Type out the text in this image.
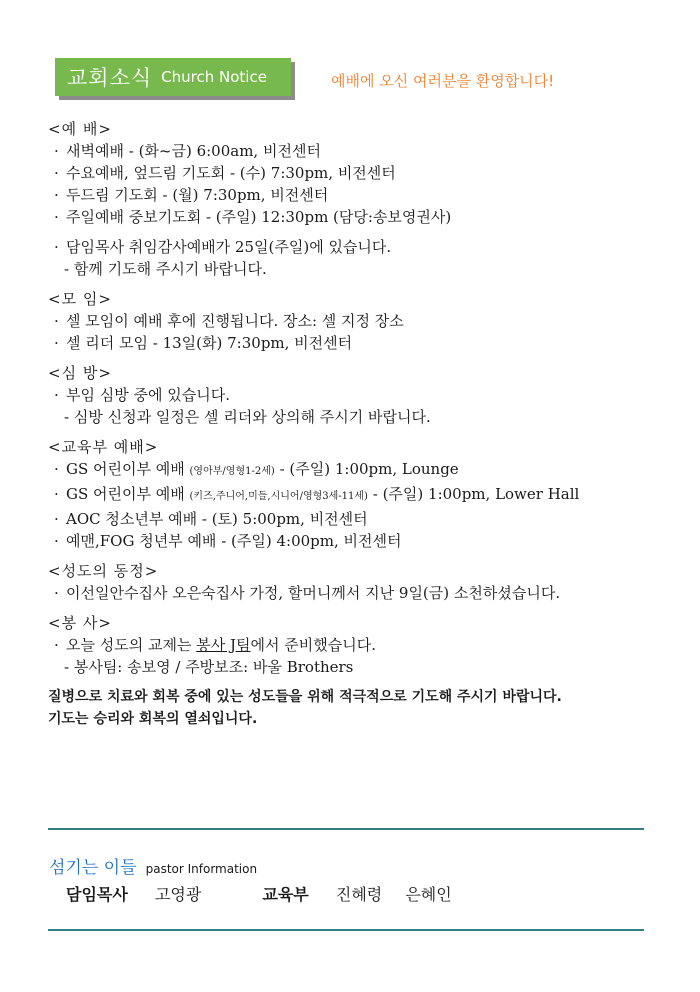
교회소식 Church Notice	예배에 오신 여러분을 환영합니다!
<예 배>
· 새벽예배 - (화~금) 6:00am, 비전센터
· 수요예배, 엎드림 기도회 - (수) 7:30pm, 비전센터
· 두드림 기도회 - (월) 7:30pm, 비전센터
· 주일예배 중보기도회 - (주일) 12:30pm (담당:송보영권사)
· 담임목사 취임감사예배가 25일(주일)에 있습니다.
- 함께 기도해 주시기 바랍니다.
<모 임>
· 셀 모임이 예배 후에 진행됩니다. 장소: 셀 지정 장소
· 셀 리더 모임 - 13일(화) 7:30pm, 비전센터
<심 방>
· 부임 심방 중에 있습니다.
- 심방 신청과 일정은 셀 리더와 상의해 주시기 바랍니다.
<교육부 예배>
· GS 어린이부 예배 (영아부/영형1-2세) - (주일) 1:00pm, Lounge
· GS 어린이부 예배 (키즈,주니어,미들,시니어/영형3세-11세) - (주일) 1:00pm, Lower Hall
· AOC 청소년부 예배 - (토) 5:00pm, 비전센터
· 예맨,FOG 청년부 예배 - (주일) 4:00pm, 비전센터
<성도의 동정>
· 이선일안수집사 오은숙집사 가정, 할머니께서 지난 9일(금) 소천하셨습니다.
<봉 사>
· 오늘 성도의 교제는 봉사 J팀에서 준비했습니다.
- 봉사팀: 송보영 / 주방보조: 바울 Brothers
질병으로 치료와 회복 중에 있는 성도들을 위해 적극적으로 기도해 주시기 바랍니다.
기도는 승리와 회복의 열쇠입니다.
섬기는 이들 pastor Information
담임목사 고영광	교육부 진혜령 은혜인
